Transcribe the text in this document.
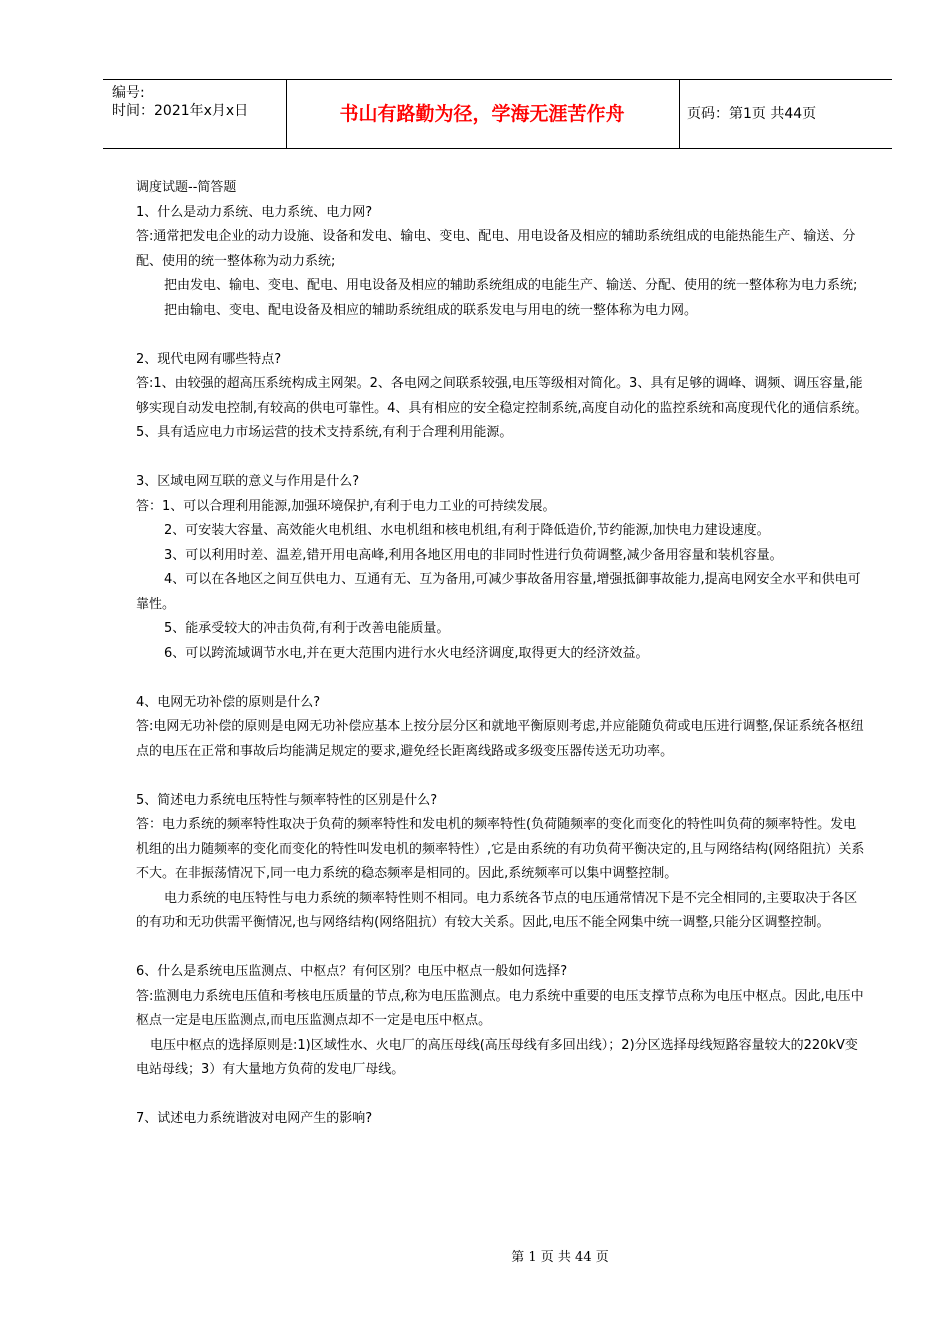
编号:
时间：2021年x月x日	书山有路勤为径，学海无涯苦作舟	页码：第1页 共44页

调度试题--简答题

1、什么是动力系统、电力系统、电力网?

答:通常把发电企业的动力设施、设备和发电、输电、变电、配电、用电设备及相应的辅助系统组成的电能热能生产、输送、分配、使用的统一整体称为动力系统;

把由发电、输电、变电、配电、用电设备及相应的辅助系统组成的电能生产、输送、分配、使用的统一整体称为电力系统;

把由输电、变电、配电设备及相应的辅助系统组成的联系发电与用电的统一整体称为电力网。

2、现代电网有哪些特点?

答:1、由较强的超高压系统构成主网架。2、各电网之间联系较强,电压等级相对简化。3、具有足够的调峰、调频、调压容量,能够实现自动发电控制,有较高的供电可靠性。4、具有相应的安全稳定控制系统,高度自动化的监控系统和高度现代化的通信系统。5、具有适应电力市场运营的技术支持系统,有利于合理利用能源。

3、区域电网互联的意义与作用是什么?

答：1、可以合理利用能源,加强环境保护,有利于电力工业的可持续发展。

2、可安装大容量、高效能火电机组、水电机组和核电机组,有利于降低造价,节约能源,加快电力建设速度。

3、可以利用时差、温差,错开用电高峰,利用各地区用电的非同时性进行负荷调整,减少备用容量和装机容量。

4、可以在各地区之间互供电力、互通有无、互为备用,可减少事故备用容量,增强抵御事故能力,提高电网安全水平和供电可靠性。

5、能承受较大的冲击负荷,有利于改善电能质量。

6、可以跨流域调节水电,并在更大范围内进行水火电经济调度,取得更大的经济效益。

4、电网无功补偿的原则是什么?

答:电网无功补偿的原则是电网无功补偿应基本上按分层分区和就地平衡原则考虑,并应能随负荷或电压进行调整,保证系统各枢纽点的电压在正常和事故后均能满足规定的要求,避免经长距离线路或多级变压器传送无功功率。

5、简述电力系统电压特性与频率特性的区别是什么?

答：电力系统的频率特性取决于负荷的频率特性和发电机的频率特性(负荷随频率的变化而变化的特性叫负荷的频率特性。发电机组的出力随频率的变化而变化的特性叫发电机的频率特性）,它是由系统的有功负荷平衡决定的,且与网络结构(网络阻抗）关系不大。在非振荡情况下,同一电力系统的稳态频率是相同的。因此,系统频率可以集中调整控制。

电力系统的电压特性与电力系统的频率特性则不相同。电力系统各节点的电压通常情况下是不完全相同的,主要取决于各区的有功和无功供需平衡情况,也与网络结构(网络阻抗）有较大关系。因此,电压不能全网集中统一调整,只能分区调整控制。

6、什么是系统电压监测点、中枢点？有何区别？电压中枢点一般如何选择?

答:监测电力系统电压值和考核电压质量的节点,称为电压监测点。电力系统中重要的电压支撑节点称为电压中枢点。因此,电压中枢点一定是电压监测点,而电压监测点却不一定是电压中枢点。

电压中枢点的选择原则是:1)区域性水、火电厂的高压母线(高压母线有多回出线）；2)分区选择母线短路容量较大的220kV变电站母线；3）有大量地方负荷的发电厂母线。

7、试述电力系统谐波对电网产生的影响?

第 1 页 共 44 页
